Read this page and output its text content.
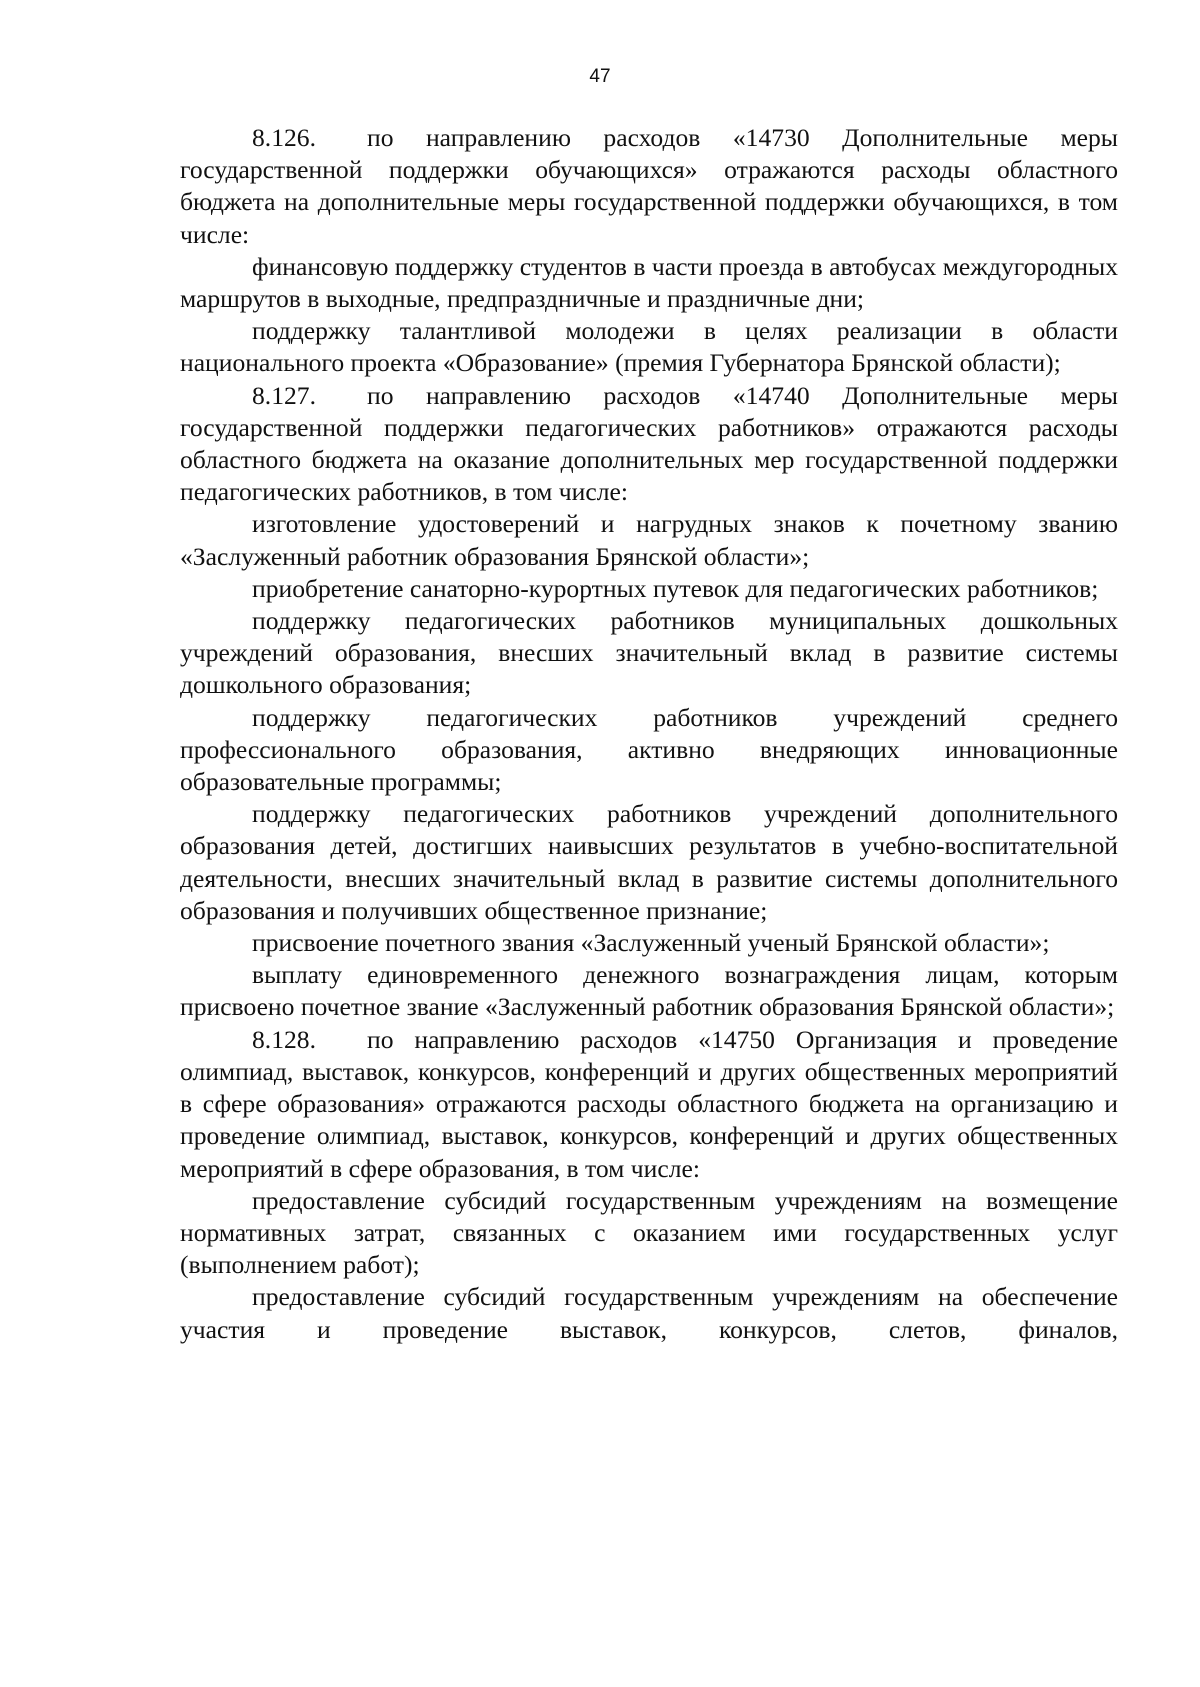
47

8.126. по направлению расходов «14730 Дополнительные меры государственной поддержки обучающихся» отражаются расходы областного бюджета на дополнительные меры государственной поддержки обучающихся, в том числе:

финансовую поддержку студентов в части проезда в автобусах междугородных маршрутов в выходные, предпраздничные и праздничные дни;

поддержку талантливой молодежи в целях реализации в области национального проекта «Образование» (премия Губернатора Брянской области);

8.127. по направлению расходов «14740 Дополнительные меры государственной поддержки педагогических работников» отражаются расходы областного бюджета на оказание дополнительных мер государственной поддержки педагогических работников, в том числе:

изготовление удостоверений и нагрудных знаков к почетному званию «Заслуженный работник образования Брянской области»;

приобретение санаторно-курортных путевок для педагогических работников;

поддержку педагогических работников муниципальных дошкольных учреждений образования, внесших значительный вклад в развитие системы дошкольного образования;

поддержку педагогических работников учреждений среднего профессионального образования, активно внедряющих инновационные образовательные программы;

поддержку педагогических работников учреждений дополнительного образования детей, достигших наивысших результатов в учебно-воспитательной деятельности, внесших значительный вклад в развитие системы дополнительного образования и получивших общественное признание;

присвоение почетного звания «Заслуженный ученый Брянской области»;

выплату единовременного денежного вознаграждения лицам, которым присвоено почетное звание «Заслуженный работник образования Брянской области»;

8.128. по направлению расходов «14750 Организация и проведение олимпиад, выставок, конкурсов, конференций и других общественных мероприятий в сфере образования» отражаются расходы областного бюджета на организацию и проведение олимпиад, выставок, конкурсов, конференций и других общественных мероприятий в сфере образования, в том числе:

предоставление субсидий государственным учреждениям на возмещение нормативных затрат, связанных с оказанием ими государственных услуг (выполнением работ);

предоставление субсидий государственным учреждениям на обеспечение участия и проведение выставок, конкурсов, слетов, финалов,
